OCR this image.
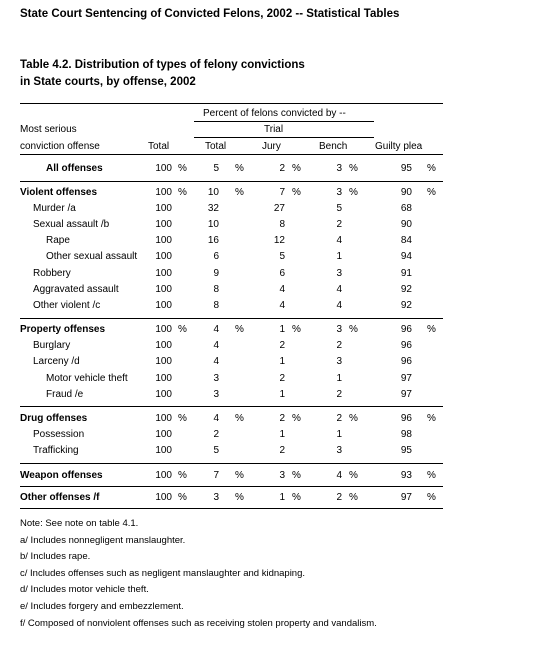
State Court Sentencing of Convicted Felons, 2002 -- Statistical Tables
Table 4.2. Distribution of types of felony convictions
in State courts, by offense, 2002
Percent of felons convicted by --
Trial
Most serious
conviction offense	Total	Total	Jury	Bench	Guilty plea
All offenses	100 %	5 %	2 %	3 %	95 %
Violent offenses	100 %	10 %	7 %	3 %	90 %
Murder /a	100	32	27	5	68
Sexual assault /b	100	10	8	2	90
Rape	100	16	12	4	84
Other sexual assault	100	6	5	1	94
Robbery	100	9	6	3	91
Aggravated assault	100	8	4	4	92
Other violent /c	100	8	4	4	92
Property offenses	100 %	4 %	1 %	3 %	96 %
Burglary	100	4	2	2	96
Larceny /d	100	4	1	3	96
Motor vehicle theft	100	3	2	1	97
Fraud /e	100	3	1	2	97
Drug offenses	100 %	4 %	2 %	2 %	96 %
Possession	100	2	1	1	98
Trafficking	100	5	2	3	95
Weapon offenses	100 %	7 %	3 %	4 %	93 %
Other offenses /f	100 %	3 %	1 %	2 %	97 %
Note: See note on table 4.1.
a/ Includes nonnegligent manslaughter.
b/ Includes rape.
c/ Includes offenses such as negligent manslaughter and kidnaping.
d/ Includes motor vehicle theft.
e/ Includes forgery and embezzlement.
f/ Composed of nonviolent offenses such as receiving stolen property and vandalism.
